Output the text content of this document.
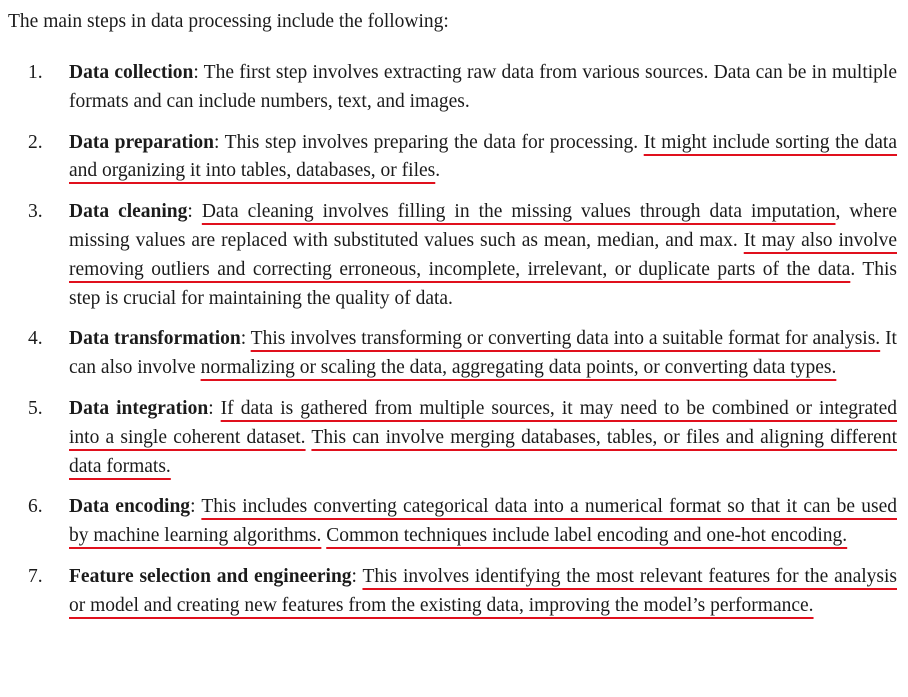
The main steps in data processing include the following:

1. Data collection: The first step involves extracting raw data from various sources. Data can be in multiple formats and can include numbers, text, and images.
2. Data preparation: This step involves preparing the data for processing. It might include sorting the data and organizing it into tables, databases, or files.
3. Data cleaning: Data cleaning involves filling in the missing values through data imputation, where missing values are replaced with substituted values such as mean, median, and max. It may also involve removing outliers and correcting erroneous, incomplete, irrelevant, or duplicate parts of the data. This step is crucial for maintaining the quality of data.
4. Data transformation: This involves transforming or converting data into a suitable format for analysis. It can also involve normalizing or scaling the data, aggregating data points, or converting data types.
5. Data integration: If data is gathered from multiple sources, it may need to be combined or integrated into a single coherent dataset. This can involve merging databases, tables, or files and aligning different data formats.
6. Data encoding: This includes converting categorical data into a numerical format so that it can be used by machine learning algorithms. Common techniques include label encoding and one-hot encoding.
7. Feature selection and engineering: This involves identifying the most relevant features for the analysis or model and creating new features from the existing data, improving the model’s performance.
